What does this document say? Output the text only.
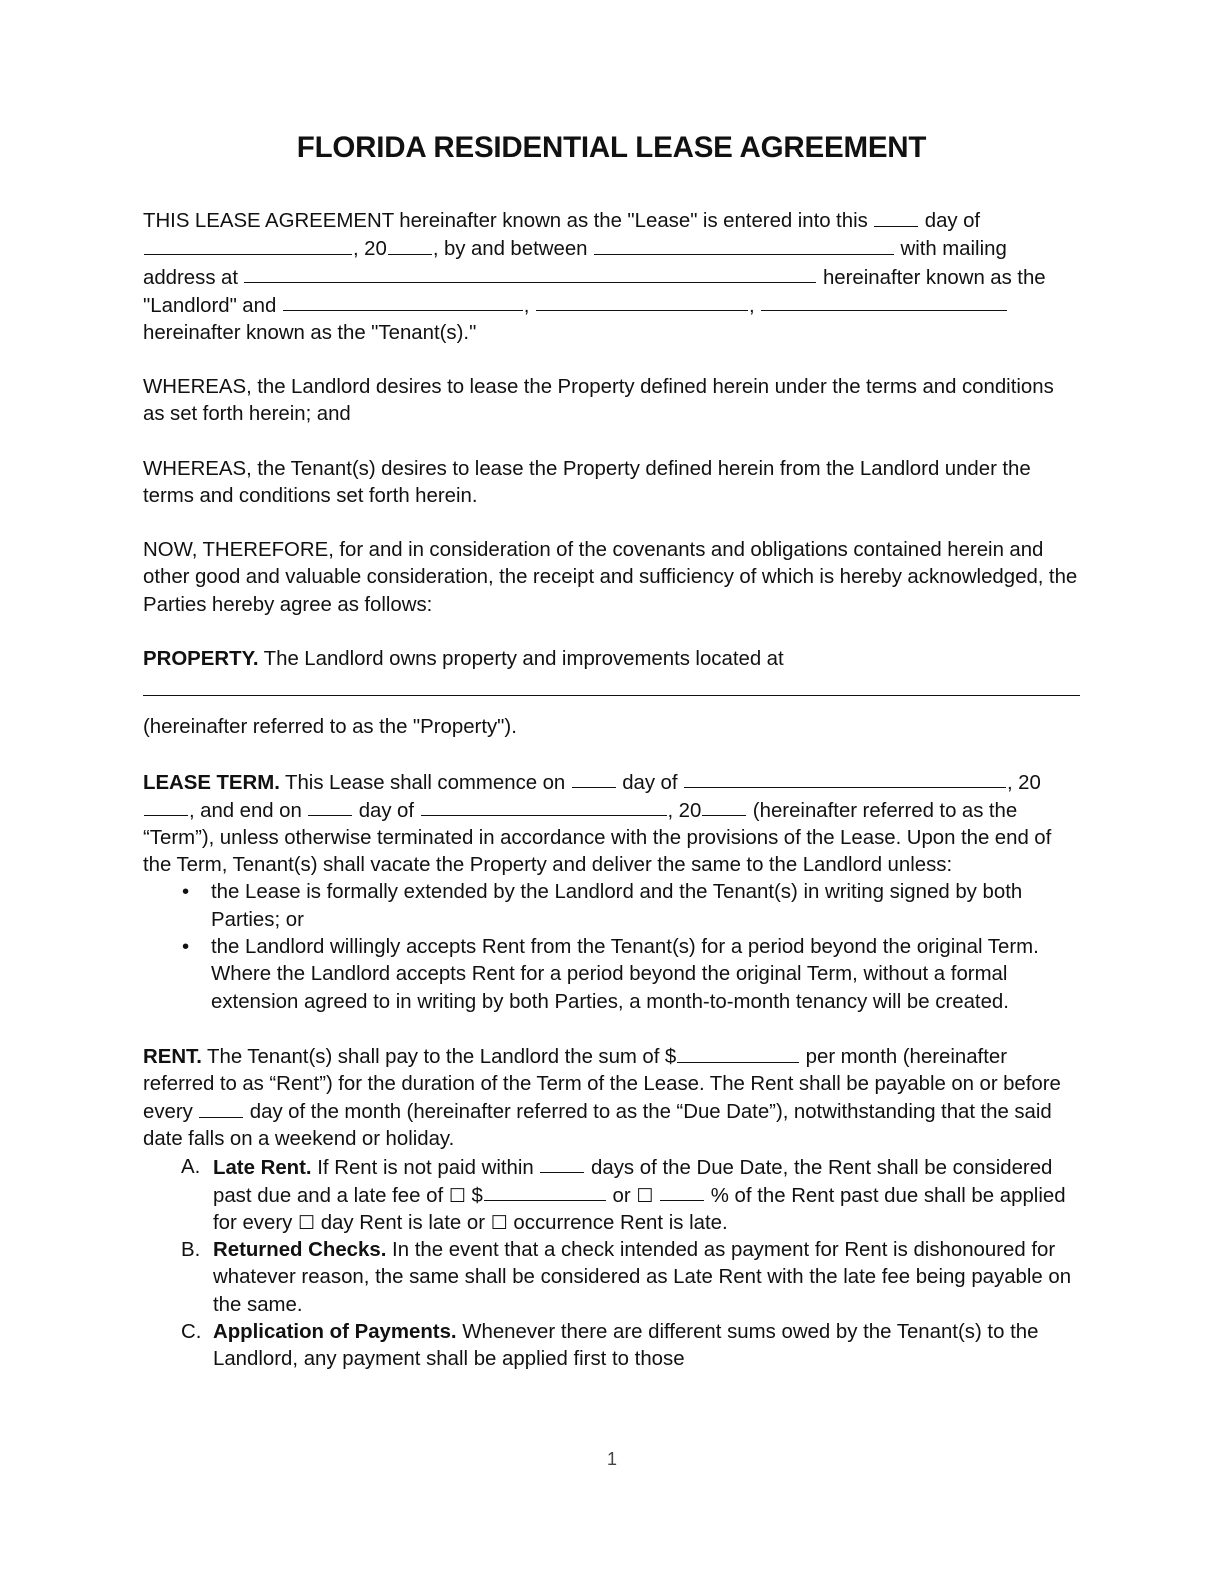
FLORIDA RESIDENTIAL LEASE AGREEMENT

THIS LEASE AGREEMENT hereinafter known as the "Lease" is entered into this  day of , 20 , by and between	with mailing address at	hereinafter known as the "Landlord" and	,	,  hereinafter known as the "Tenant(s)."

WHEREAS, the Landlord desires to lease the Property defined herein under the terms and conditions as set forth herein; and

WHEREAS, the Tenant(s) desires to lease the Property defined herein from the Landlord under the terms and conditions set forth herein.

NOW, THEREFORE, for and in consideration of the covenants and obligations contained herein and other good and valuable consideration, the receipt and sufficiency of which is hereby acknowledged, the Parties hereby agree as follows:

PROPERTY. The Landlord owns property and improvements located at

(hereinafter referred to as the "Property").

LEASE TERM. This Lease shall commence on  day of	, 20, and end on  day of	, 20 (hereinafter referred to as the “Term”), unless otherwise terminated in accordance with the provisions of the Lease. Upon the end of the Term, Tenant(s) shall vacate the Property and deliver the same to the Landlord unless:

• the Lease is formally extended by the Landlord and the Tenant(s) in writing signed by both Parties; or
• the Landlord willingly accepts Rent from the Tenant(s) for a period beyond the original Term. Where the Landlord accepts Rent for a period beyond the original Term, without a formal extension agreed to in writing by both Parties, a month-to-month tenancy will be created.

RENT. The Tenant(s) shall pay to the Landlord the sum of $	per month (hereinafter referred to as “Rent”) for the duration of the Term of the Lease. The Rent shall be payable on or before every  day of the month (hereinafter referred to as the “Due Date”), notwithstanding that the said date falls on a weekend or holiday.

A. Late Rent. If Rent is not paid within  days of the Due Date, the Rent shall be considered past due and a late fee of ☐ $	or ☐	% of the Rent past due shall be applied for every ☐ day Rent is late or ☐ occurrence Rent is late.
B. Returned Checks. In the event that a check intended as payment for Rent is dishonoured for whatever reason, the same shall be considered as Late Rent with the late fee being payable on the same.
C. Application of Payments. Whenever there are different sums owed by the Tenant(s) to the Landlord, any payment shall be applied first to those
1
